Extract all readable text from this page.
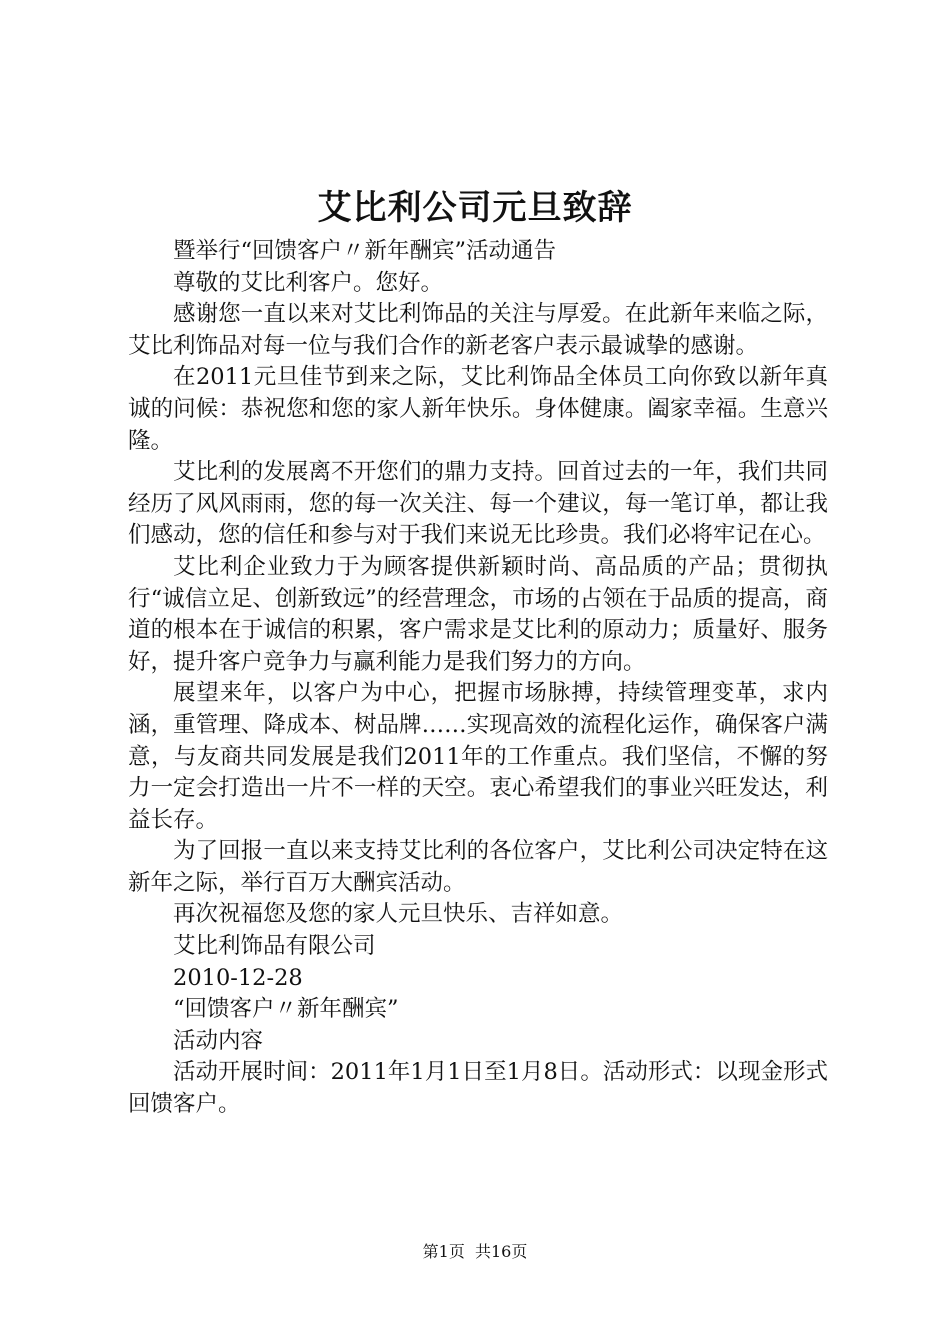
艾比利公司元旦致辞

暨举行“回馈客户〃新年酬宾”活动通告

尊敬的艾比利客户。您好。

感谢您一直以来对艾比利饰品的关注与厚爱。在此新年来临之际，艾比利饰品对每一位与我们合作的新老客户表示最诚挚的感谢。

在2011元旦佳节到来之际，艾比利饰品全体员工向你致以新年真诚的问候：恭祝您和您的家人新年快乐。身体健康。阖家幸福。生意兴隆。

艾比利的发展离不开您们的鼎力支持。回首过去的一年，我们共同经历了风风雨雨，您的每一次关注、每一个建议，每一笔订单，都让我们感动，您的信任和参与对于我们来说无比珍贵。我们必将牢记在心。

艾比利企业致力于为顾客提供新颖时尚、高品质的产品；贯彻执行“诚信立足、创新致远”的经营理念，市场的占领在于品质的提高，商道的根本在于诚信的积累，客户需求是艾比利的原动力；质量好、服务好，提升客户竞争力与赢利能力是我们努力的方向。

展望来年，以客户为中心，把握市场脉搏，持续管理变革，求内涵，重管理、降成本、树品牌……实现高效的流程化运作，确保客户满意，与友商共同发展是我们2011年的工作重点。我们坚信，不懈的努力一定会打造出一片不一样的天空。衷心希望我们的事业兴旺发达，利益长存。

为了回报一直以来支持艾比利的各位客户，艾比利公司决定特在这新年之际，举行百万大酬宾活动。

再次祝福您及您的家人元旦快乐、吉祥如意。

艾比利饰品有限公司

2010-12-28

“回馈客户〃新年酬宾”

活动内容

活动开展时间：2011年1月1日至1月8日。活动形式：以现金形式回馈客户。

第1页  共16页
